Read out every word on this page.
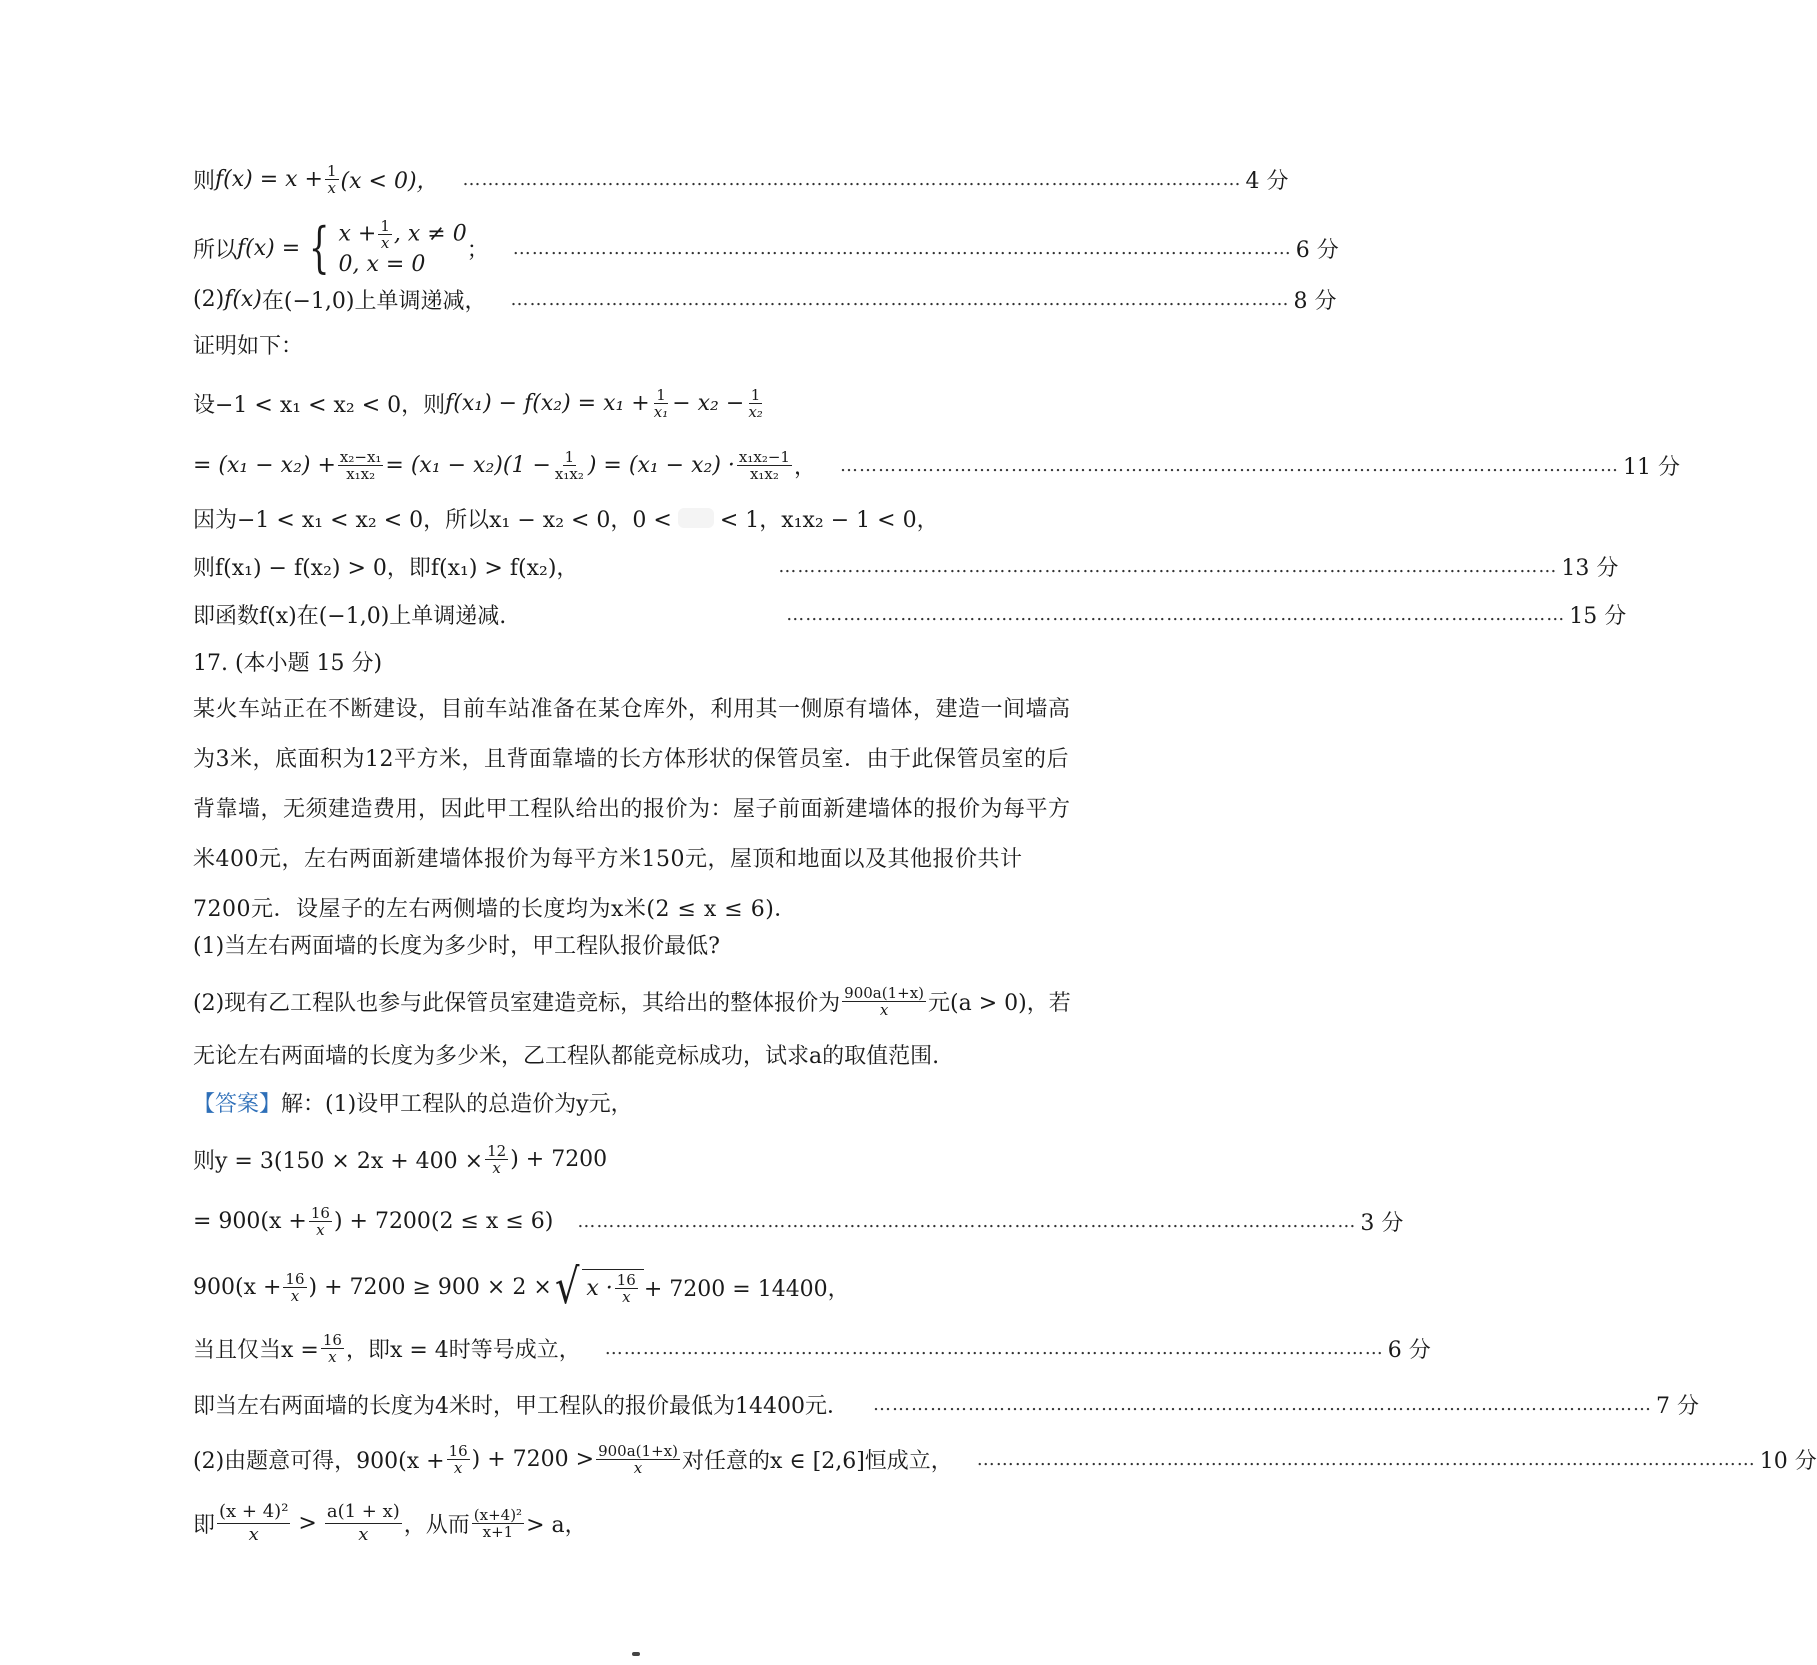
则 $f(x) = x + \frac{1}{x} (x < 0)$， …………………………………………………………………………………………………………… 4 分
所以 f(x) = { $x + \frac{1}{x}$ , x ≠ 0
0, x = 0
； …………………………………………………………………………………………………………… 6 分
(2) f(x) 在(−1,0)上单调递减， …………………………………………………………………………………………………………… 8 分
证明如下：
设−1 < x₁ < x₂ < 0，则 $f(x_1) - f(x_2) = x_1 + \frac{1}{\text{x₁}} - x_2 - \frac{1}{\text{x₂}}$
= $(x_1 - x_2) + \frac{\text{x₂−x₁}}{\text{x₁x₂}} = (x_1 - x_2)(1 - \frac{1}{\text{x₁x₂}}$ ) = $(x_1 - x_2) \cdot \frac{\text{x₁x₂−1}}{\text{x₁x₂}}$ ， …………………………………………………………………………………………………………… 11 分
因为−1 < x₁ < x₂ < 0，所以x₁ − x₂ < 0，0 < < 1，x₁x₂ − 1 < 0，
则f(x₁) − f(x₂) > 0，即f(x₁) > f(x₂)，	…………………………………………………………………………………………………………… 13 分
即函数f(x)在(−1,0)上单调递减.	…………………………………………………………………………………………………………… 15 分
17. (本小题 15 分)
某火车站正在不断建设，目前车站准备在某仓库外，利用其一侧原有墙体，建造一间墙高为3米，底面积为12平方米，且背面靠墙的长方体形状的保管员室．由于此保管员室的后背靠墙，无须建造费用，因此甲工程队给出的报价为：屋子前面新建墙体的报价为每平方米400元，左右两面新建墙体报价为每平方米150元，屋顶和地面以及其他报价共计7200元．设屋子的左右两侧墙的长度均为x米(2 ≤ x ≤ 6)．
(1)当左右两面墙的长度为多少时，甲工程队报价最低?
(2)现有乙工程队也参与此保管员室建造竞标，其给出的整体报价为 $\frac{900a(1+x)}{x}$ 元(a > 0)，若
无论左右两面墙的长度为多少米，乙工程队都能竞标成功，试求a的取值范围.
【答案】 解：(1)设甲工程队的总造价为y元，
则$y = 3(150 \times 2x + 400 \times \frac{12}{x}$ ) + 7200
= $900(x + \frac{16}{x}$ ) + 7200(2 ≤ x ≤ 6) …………………………………………………………………………………………………………… 3 分
$900(x + \frac{16}{x}$ ) + 7200 ≥ 900 × 2 × √ $x \cdot \frac{16}{x} + 7200 = 14400$，
当且仅当$x = \frac{16}{x}$ ，即x = 4时等号成立， …………………………………………………………………………………………………………… 6 分
即当左右两面墙的长度为4米时，甲工程队的报价最低为14400元． …………………………………………………………………………………………………………… 7 分
(2)由题意可得，$900(x + \frac{16}{x}$ ) + $7200 > \frac{900a(1+x)}{x}$ 对任意的x ∈ [2,6]恒成立， …………………………………………………………………………………………………………… 10 分
即 $\frac{\text{(x + 4)²}}{x} > \frac{a(1 + x)}{x}$ ，从而 $\frac{\text{(x+4)²}}{x+1} > a$，
